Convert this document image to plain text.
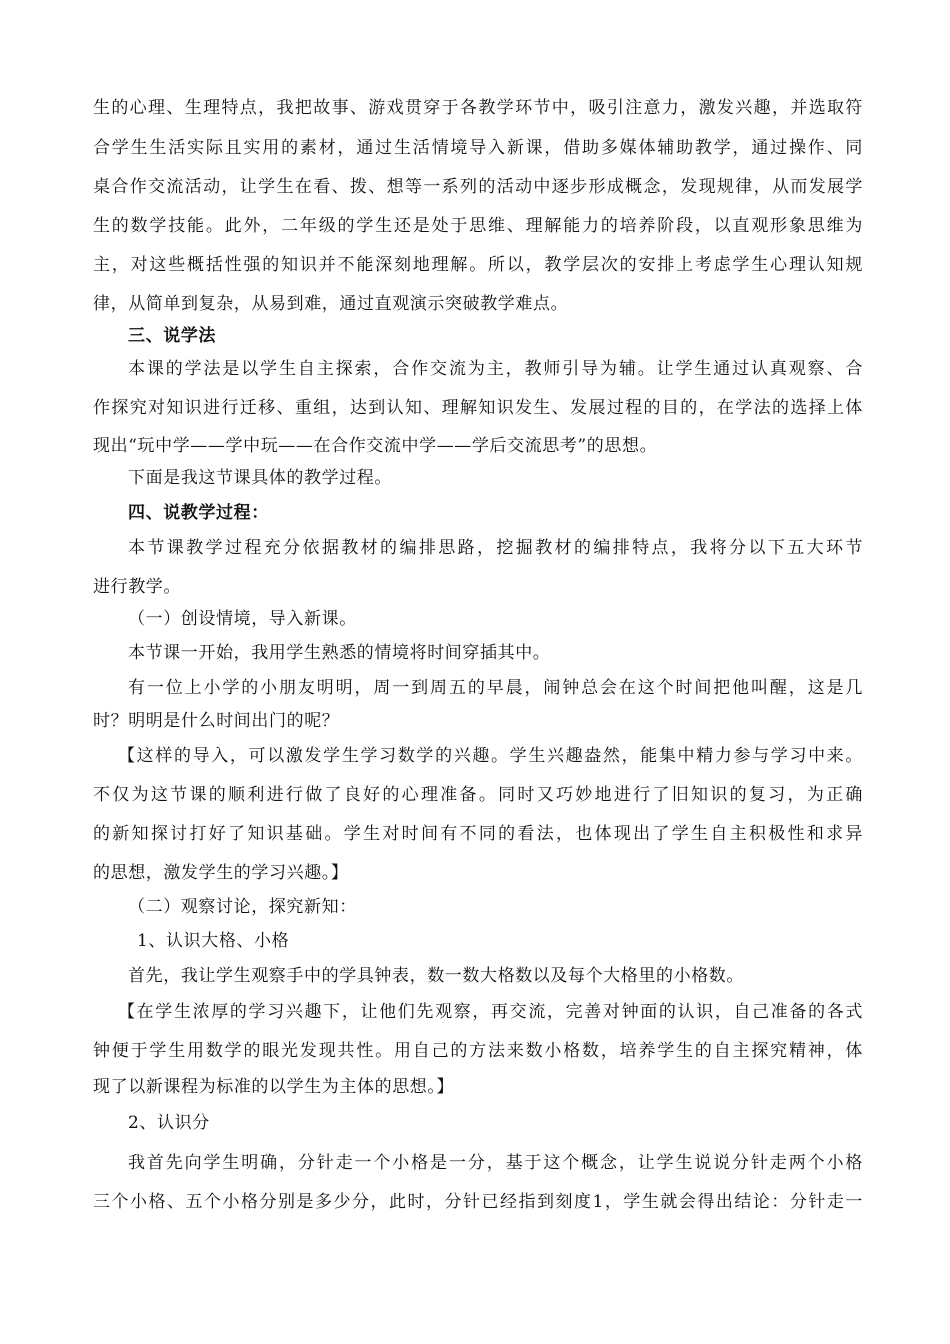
生的心理、生理特点，我把故事、游戏贯穿于各教学环节中，吸引注意力，激发兴趣，并选取符
合学生生活实际且实用的素材，通过生活情境导入新课，借助多媒体辅助教学，通过操作、同
桌合作交流活动，让学生在看、拨、想等一系列的活动中逐步形成概念，发现规律，从而发展学
生的数学技能。此外，二年级的学生还是处于思维、理解能力的培养阶段，以直观形象思维为
主，对这些概括性强的知识并不能深刻地理解。所以，教学层次的安排上考虑学生心理认知规
律，从简单到复杂，从易到难，通过直观演示突破教学难点。
三、说学法
本课的学法是以学生自主探索，合作交流为主，教师引导为辅。让学生通过认真观察、合
作探究对知识进行迁移、重组，达到认知、理解知识发生、发展过程的目的，在学法的选择上体
现出“玩中学——学中玩——在合作交流中学——学后交流思考”的思想。
下面是我这节课具体的教学过程。
四、说教学过程：
本节课教学过程充分依据教材的编排思路，挖掘教材的编排特点，我将分以下五大环节
进行教学。
（一）创设情境，导入新课。
本节课一开始，我用学生熟悉的情境将时间穿插其中。
有一位上小学的小朋友明明，周一到周五的早晨，闹钟总会在这个时间把他叫醒，这是几
时？明明是什么时间出门的呢？
【这样的导入，可以激发学生学习数学的兴趣。学生兴趣盎然，能集中精力参与学习中来。
不仅为这节课的顺利进行做了良好的心理准备。同时又巧妙地进行了旧知识的复习，为正确
的新知探讨打好了知识基础。学生对时间有不同的看法，也体现出了学生自主积极性和求异
的思想，激发学生的学习兴趣。】
（二）观察讨论，探究新知：
1、认识大格、小格
首先，我让学生观察手中的学具钟表，数一数大格数以及每个大格里的小格数。
【在学生浓厚的学习兴趣下，让他们先观察，再交流，完善对钟面的认识，自己准备的各式
钟便于学生用数学的眼光发现共性。用自己的方法来数小格数，培养学生的自主探究精神，体
现了以新课程为标准的以学生为主体的思想。】
2、认识分
我首先向学生明确，分针走一个小格是一分，基于这个概念，让学生说说分针走两个小格
三个小格、五个小格分别是多少分，此时，分针已经指到刻度1，学生就会得出结论：分针走一
